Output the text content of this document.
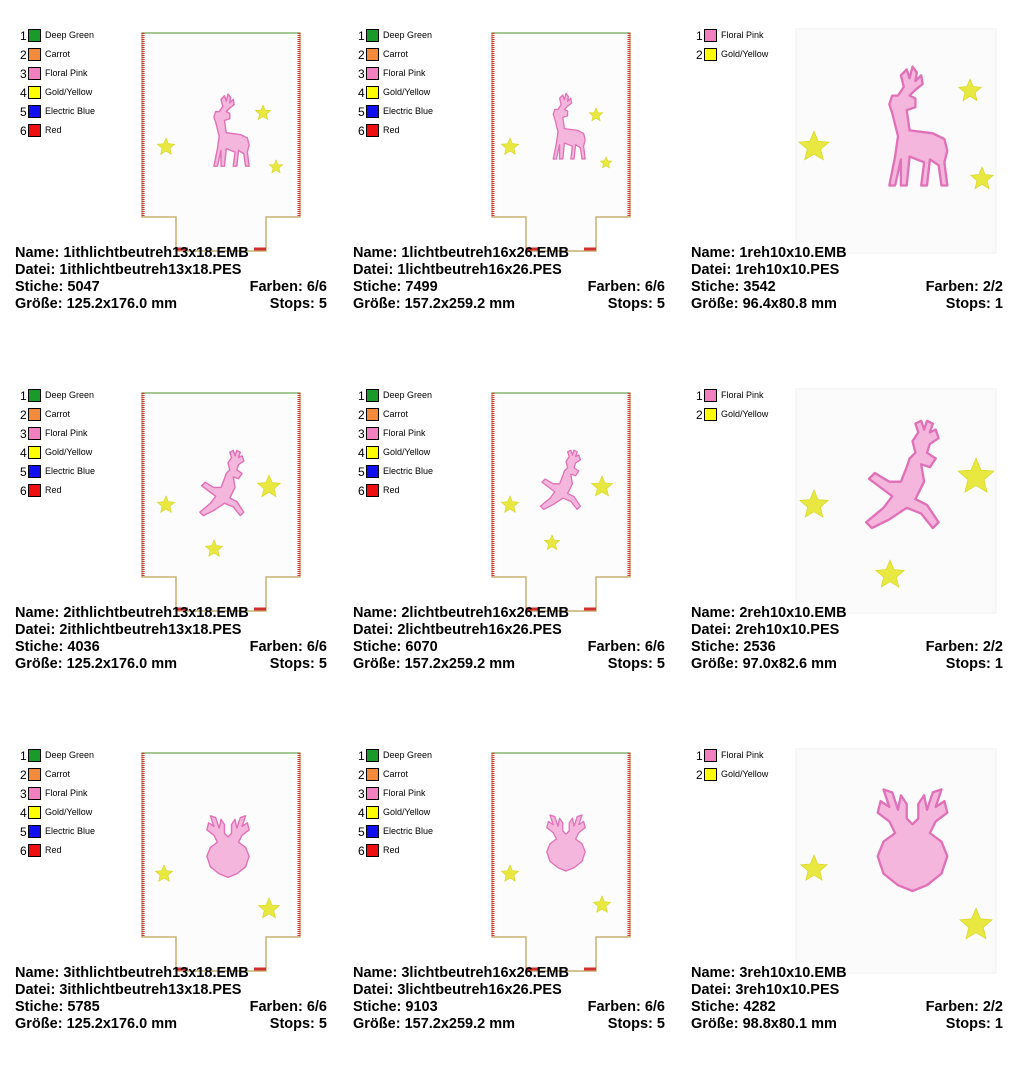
1 Deep Green
2 Carrot
3 Floral Pink
4 Gold/Yellow
5 Electric Blue
6 Red
Name: 1ithlichtbeutreh13x18.EMB
Datei: 1ithlichtbeutreh13x18.PES
Stiche: 5047	Farben: 6/6
Größe: 125.2x176.0 mm	Stops: 5
1 Deep Green
2 Carrot
3 Floral Pink
4 Gold/Yellow
5 Electric Blue
6 Red
Name: 1lichtbeutreh16x26.EMB
Datei: 1lichtbeutreh16x26.PES
Stiche: 7499	Farben: 6/6
Größe: 157.2x259.2 mm	Stops: 5
1 Floral Pink
2 Gold/Yellow
Name: 1reh10x10.EMB
Datei: 1reh10x10.PES
Stiche: 3542	Farben: 2/2
Größe: 96.4x80.8 mm	Stops: 1
1 Deep Green
2 Carrot
3 Floral Pink
4 Gold/Yellow
5 Electric Blue
6 Red
Name: 2ithlichtbeutreh13x18.EMB
Datei: 2ithlichtbeutreh13x18.PES
Stiche: 4036	Farben: 6/6
Größe: 125.2x176.0 mm	Stops: 5
1 Deep Green
2 Carrot
3 Floral Pink
4 Gold/Yellow
5 Electric Blue
6 Red
Name: 2lichtbeutreh16x26.EMB
Datei: 2lichtbeutreh16x26.PES
Stiche: 6070	Farben: 6/6
Größe: 157.2x259.2 mm	Stops: 5
1 Floral Pink
2 Gold/Yellow
Name: 2reh10x10.EMB
Datei: 2reh10x10.PES
Stiche: 2536	Farben: 2/2
Größe: 97.0x82.6 mm	Stops: 1
1 Deep Green
2 Carrot
3 Floral Pink
4 Gold/Yellow
5 Electric Blue
6 Red
Name: 3ithlichtbeutreh13x18.EMB
Datei: 3ithlichtbeutreh13x18.PES
Stiche: 5785	Farben: 6/6
Größe: 125.2x176.0 mm	Stops: 5
1 Deep Green
2 Carrot
3 Floral Pink
4 Gold/Yellow
5 Electric Blue
6 Red
Name: 3lichtbeutreh16x26.EMB
Datei: 3lichtbeutreh16x26.PES
Stiche: 9103	Farben: 6/6
Größe: 157.2x259.2 mm	Stops: 5
1 Floral Pink
2 Gold/Yellow
Name: 3reh10x10.EMB
Datei: 3reh10x10.PES
Stiche: 4282	Farben: 2/2
Größe: 98.8x80.1 mm	Stops: 1
